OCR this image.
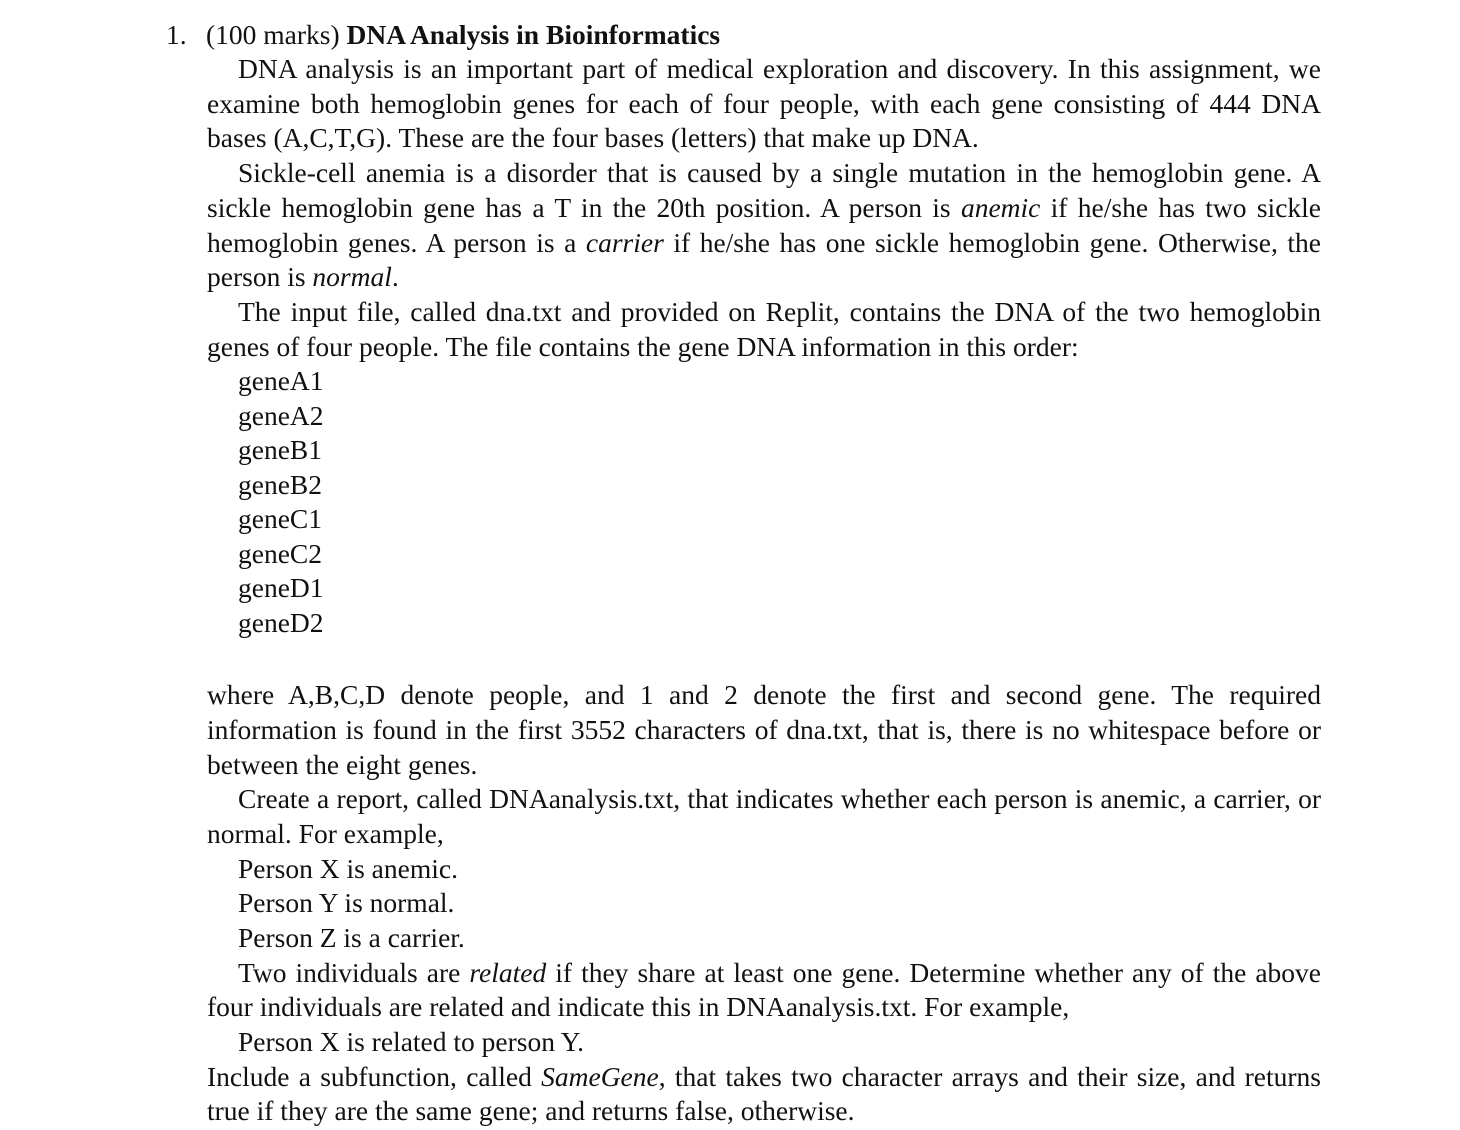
1. (100 marks) DNA Analysis in Bioinformatics

DNA analysis is an important part of medical exploration and discovery. In this assignment, we examine both hemoglobin genes for each of four people, with each gene consisting of 444 DNA bases (A,C,T,G). These are the four bases (letters) that make up DNA.

Sickle-cell anemia is a disorder that is caused by a single mutation in the hemoglobin gene. A sickle hemoglobin gene has a T in the 20th position. A person is anemic if he/she has two sickle hemoglobin genes. A person is a carrier if he/she has one sickle hemoglobin gene. Otherwise, the person is normal.

The input file, called dna.txt and provided on Replit, contains the DNA of the two hemoglobin genes of four people. The file contains the gene DNA information in this order:

geneA1
geneA2
geneB1
geneB2
geneC1
geneC2
geneD1
geneD2

where A,B,C,D denote people, and 1 and 2 denote the first and second gene. The required information is found in the first 3552 characters of dna.txt, that is, there is no whitespace before or between the eight genes.

Create a report, called DNAanalysis.txt, that indicates whether each person is anemic, a carrier, or normal. For example,

Person X is anemic.
Person Y is normal.
Person Z is a carrier.

Two individuals are related if they share at least one gene. Determine whether any of the above four individuals are related and indicate this in DNAanalysis.txt. For example,

Person X is related to person Y.

Include a subfunction, called SameGene, that takes two character arrays and their size, and returns true if they are the same gene; and returns false, otherwise.
